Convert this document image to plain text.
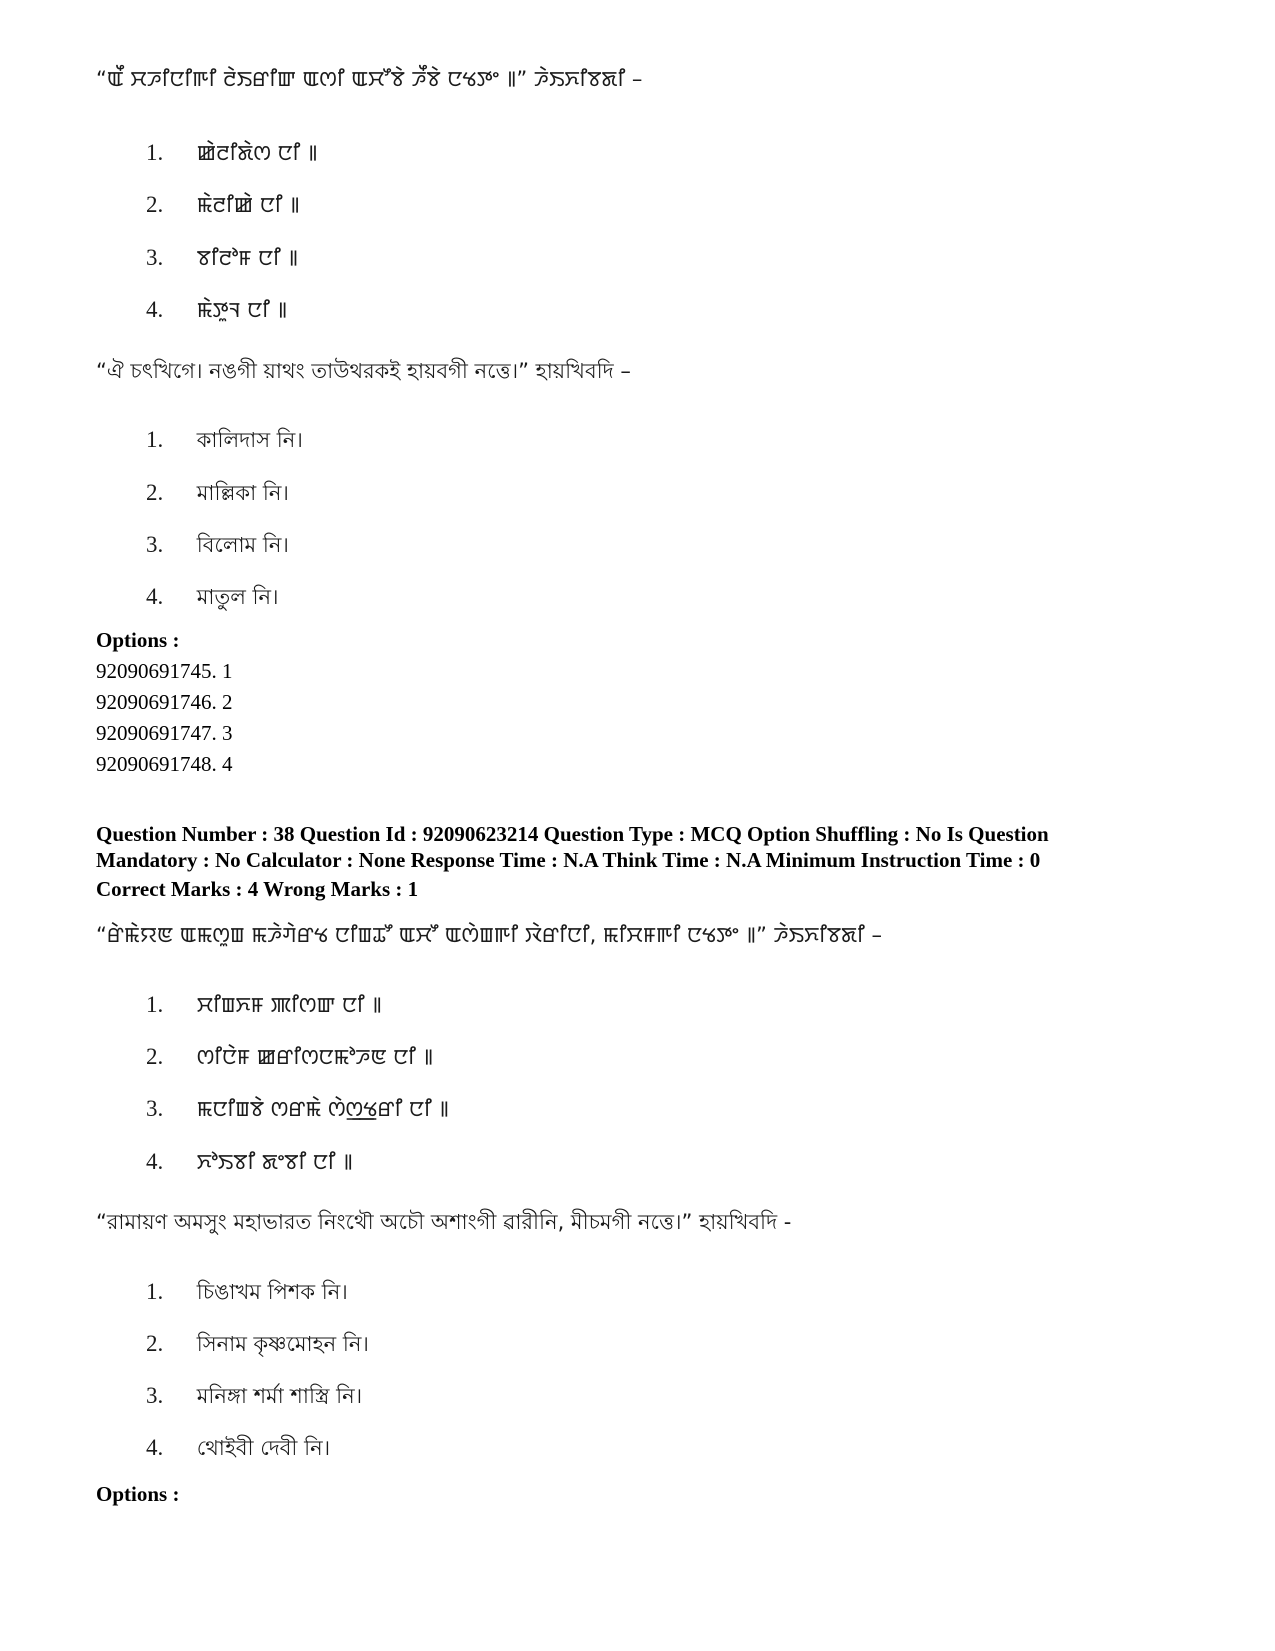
“ꯑꯩ ꯆꯍꯤꯅꯤꯒꯤ ꯂꯥꯏꯔꯤꯛ ꯑꯁꯤ ꯑꯆꯧꯕꯥ ꯍꯩꯕꯥ ꯅꯠꯇꯦ ꯫” ꯍꯥꯏꯈꯤꯕꯗꯤ –
1. ꯀꯥꯂꯤꯗꯥꯁ ꯅꯤ ꯫
2. ꯃꯥꯂꯤꯀꯥ ꯅꯤ ꯫
3. ꯕꯤꯂꯣꯝ ꯅꯤ ꯫
4. ꯃꯥꯇꯨꯜ ꯅꯤ ꯫
“ঐ চৎখিগে। নঙগী য়াথং তাউথরকই হায়বগী নত্তে।” হায়খিবদি –
1. কালিদাস নি।
2. মাল্লিকা নি।
3. বিলোম নি।
4. মাতুল নি।
Options :
92090691745. 1
92090691746. 2
92090691747. 3
92090691748. 4
Question Number : 38 Question Id : 92090623214 Question Type : MCQ Option Shuffling : No Is Question
Mandatory : No Calculator : None Response Time : N.A Think Time : N.A Minimum Instruction Time : 0
Correct Marks : 4 Wrong Marks : 1
“ꯔꯥꯃꯥꯌꯟ ꯑꯃꯁꯨꯡ ꯃꯍꯥꯚꯥꯔꯠ ꯅꯤꯡꯊꯧ ꯑꯆꯧ ꯑꯁꯥꯡꯒꯤ ꯋꯥꯔꯤꯅꯤ, ꯃꯤꯆꯝꯒꯤ ꯅꯠꯇꯦ ꯫” ꯍꯥꯏꯈꯤꯕꯗꯤ –
1. ꯆꯤꯡꯈꯝ ꯄꯤꯁꯛ ꯅꯤ ꯫
2. ꯁꯤꯅꯥꯝ ꯀꯔꯤꯁꯅꯃꯣꯍꯟ ꯅꯤ ꯫
3. ꯃꯅꯤꯡꯕꯥ ꯁꯔꯃꯥ ꯁꯥꯁ꯭ꯠꯔꯤ ꯅꯤ ꯫
4. ꯈꯣꯏꯕꯤ ꯗꯦꯕꯤ ꯅꯤ ꯫
“রামায়ণ অমসুং মহাভারত নিংথৌ অচৌ অশাংগী ৱারীনি, মীচমগী নত্তে।” হায়খিবদি -
1. চিঙাখম পিশক নি।
2. সিনাম কৃষ্ণমোহন নি।
3. মনিঙ্গা শর্মা শাস্ত্রি নি।
4. থোইবী দেবী নি।
Options :
